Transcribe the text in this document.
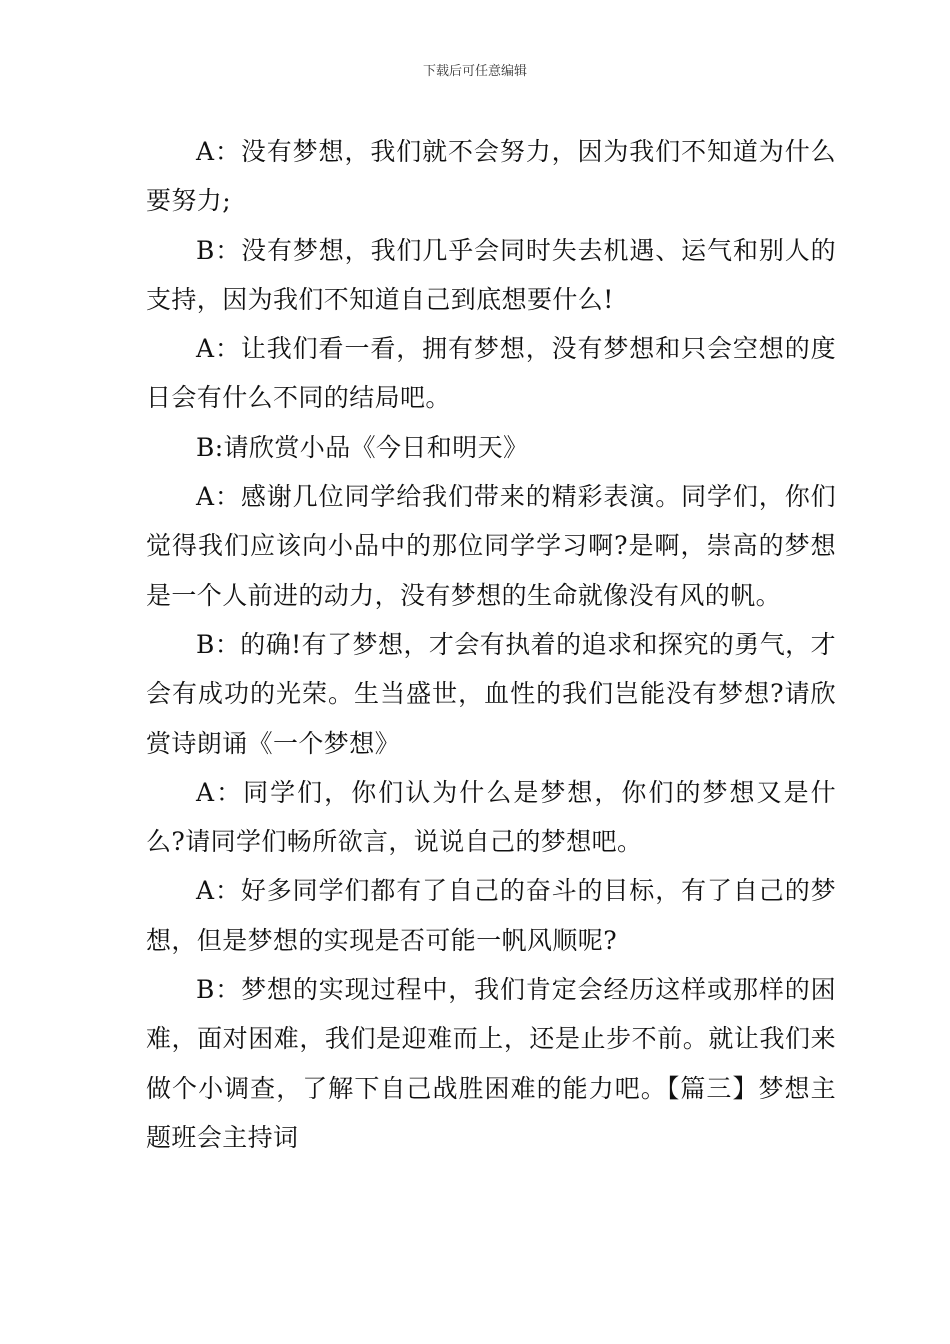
下载后可任意编辑

A：没有梦想，我们就不会努力，因为我们不知道为什么要努力;

B：没有梦想，我们几乎会同时失去机遇、运气和别人的支持，因为我们不知道自己到底想要什么!

A：让我们看一看，拥有梦想，没有梦想和只会空想的度日会有什么不同的结局吧。

B:请欣赏小品《今日和明天》

A：感谢几位同学给我们带来的精彩表演。同学们，你们觉得我们应该向小品中的那位同学学习啊?是啊，崇高的梦想是一个人前进的动力，没有梦想的生命就像没有风的帆。

B：的确!有了梦想，才会有执着的追求和探究的勇气，才会有成功的光荣。生当盛世，血性的我们岂能没有梦想?请欣赏诗朗诵《一个梦想》

A：同学们，你们认为什么是梦想，你们的梦想又是什么?请同学们畅所欲言，说说自己的梦想吧。

A：好多同学们都有了自己的奋斗的目标，有了自己的梦想，但是梦想的实现是否可能一帆风顺呢?

B：梦想的实现过程中，我们肯定会经历这样或那样的困难，面对困难，我们是迎难而上，还是止步不前。就让我们来做个小调查，了解下自己战胜困难的能力吧。【篇三】梦想主题班会主持词
